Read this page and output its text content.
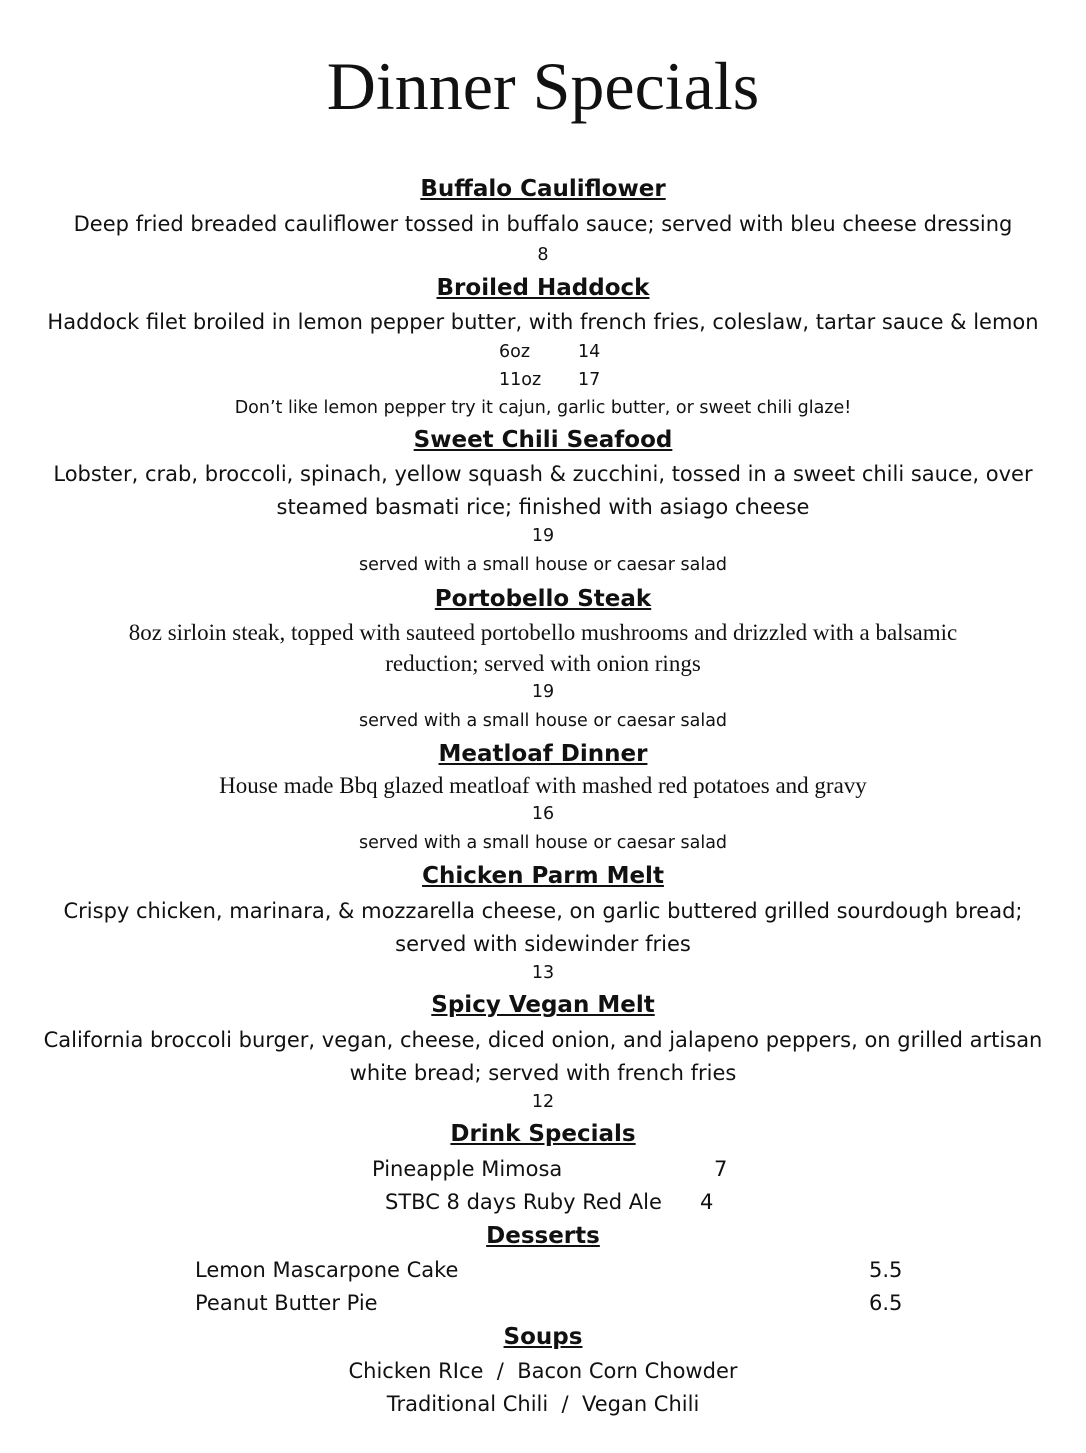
Dinner Specials
Buffalo Cauliflower
Deep fried breaded cauliflower tossed in buffalo sauce; served with bleu cheese dressing
8
Broiled Haddock
Haddock filet broiled in lemon pepper butter, with french fries, coleslaw, tartar sauce & lemon
6oz	14
11oz 17
Don’t like lemon pepper try it cajun, garlic butter, or sweet chili glaze!
Sweet Chili Seafood
Lobster, crab, broccoli, spinach, yellow squash & zucchini, tossed in a sweet chili sauce, over
steamed basmati rice; finished with asiago cheese
19
served with a small house or caesar salad
Portobello Steak
8oz sirloin steak, topped with sauteed portobello mushrooms and drizzled with a balsamic
reduction; served with onion rings
19
served with a small house or caesar salad
Meatloaf Dinner
House made Bbq glazed meatloaf with mashed red potatoes and gravy
16
served with a small house or caesar salad
Chicken Parm Melt
Crispy chicken, marinara, & mozzarella cheese, on garlic buttered grilled sourdough bread;
served with sidewinder fries
13
Spicy Vegan Melt
California broccoli burger, vegan, cheese, diced onion, and jalapeno peppers, on grilled artisan
white bread; served with french fries
12
Drink Specials
Pineapple Mimosa	7
STBC 8 days Ruby Red Ale 4
Desserts
Lemon Mascarpone Cake	5.5
Peanut Butter Pie	6.5
Soups
Chicken RIce  /  Bacon Corn Chowder
Traditional Chili  /  Vegan Chili
